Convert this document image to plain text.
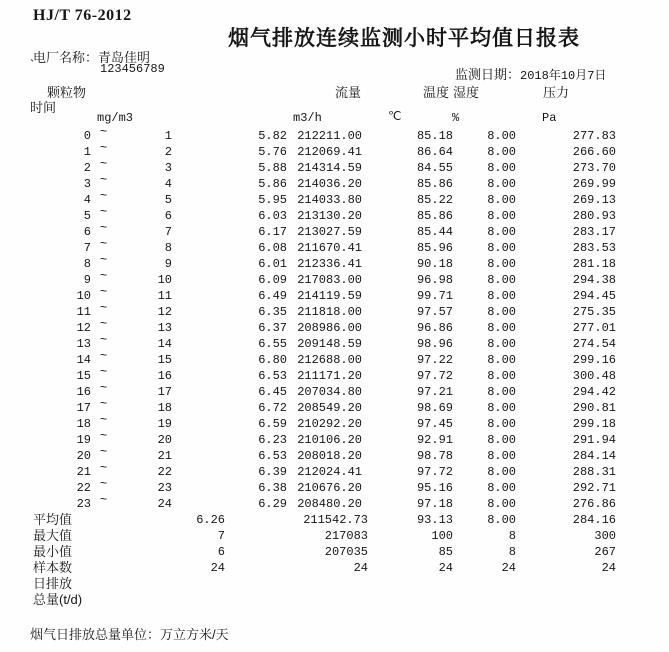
HJ/T 76-2012
烟气排放连续监测小时平均值日报表
电厂名称：青岛佳明
`	123456789	监测日期：2018年10月7日
颗粒物	流量	温度 湿度	压力
时间
mg/m3	m3/h	℃	%	Pa
0 ~	1	5.82 212211.00	85.18	8.00	277.83
1 ~	2	5.76 212069.41	86.64	8.00	266.60
2 ~	3	5.88 214314.59	84.55	8.00	273.70
3 ~	4	5.86 214036.20	85.86	8.00	269.99
4 ~	5	5.95 214033.80	85.22	8.00	269.13
5 ~	6	6.03 213130.20	85.86	8.00	280.93
6 ~	7	6.17 213027.59	85.44	8.00	283.17
7 ~	8	6.08 211670.41	85.96	8.00	283.53
8 ~	9	6.01 212336.41	90.18	8.00	281.18
9 ~	10	6.09 217083.00	96.98	8.00	294.38
10 ~	11	6.49 214119.59	99.71	8.00	294.45
11 ~	12	6.35 211818.00	97.57	8.00	275.35
12 ~	13	6.37 208986.00	96.86	8.00	277.01
13 ~	14	6.55 209148.59	98.96	8.00	274.54
14 ~	15	6.80 212688.00	97.22	8.00	299.16
15 ~	16	6.53 211171.20	97.72	8.00	300.48
16 ~	17	6.45 207034.80	97.21	8.00	294.42
17 ~	18	6.72 208549.20	98.69	8.00	290.81
18 ~	19	6.59 210292.20	97.45	8.00	299.18
19 ~	20	6.23 210106.20	92.91	8.00	291.94
20 ~	21	6.53 208018.20	98.78	8.00	284.14
21 ~	22	6.39 212024.41	97.72	8.00	288.31
22 ~	23	6.38 210676.20	95.16	8.00	292.71
23 ~	24	6.29 208480.20	97.18	8.00	276.86
平均值	6.26	211542.73	93.13	8.00	284.16
最大值	7	217083	100	8	300
最小值	6	207035	85	8	267
样本数	24	24	24	24	24
日排放
总量(t/d)
烟气日排放总量单位：万立方米/天
